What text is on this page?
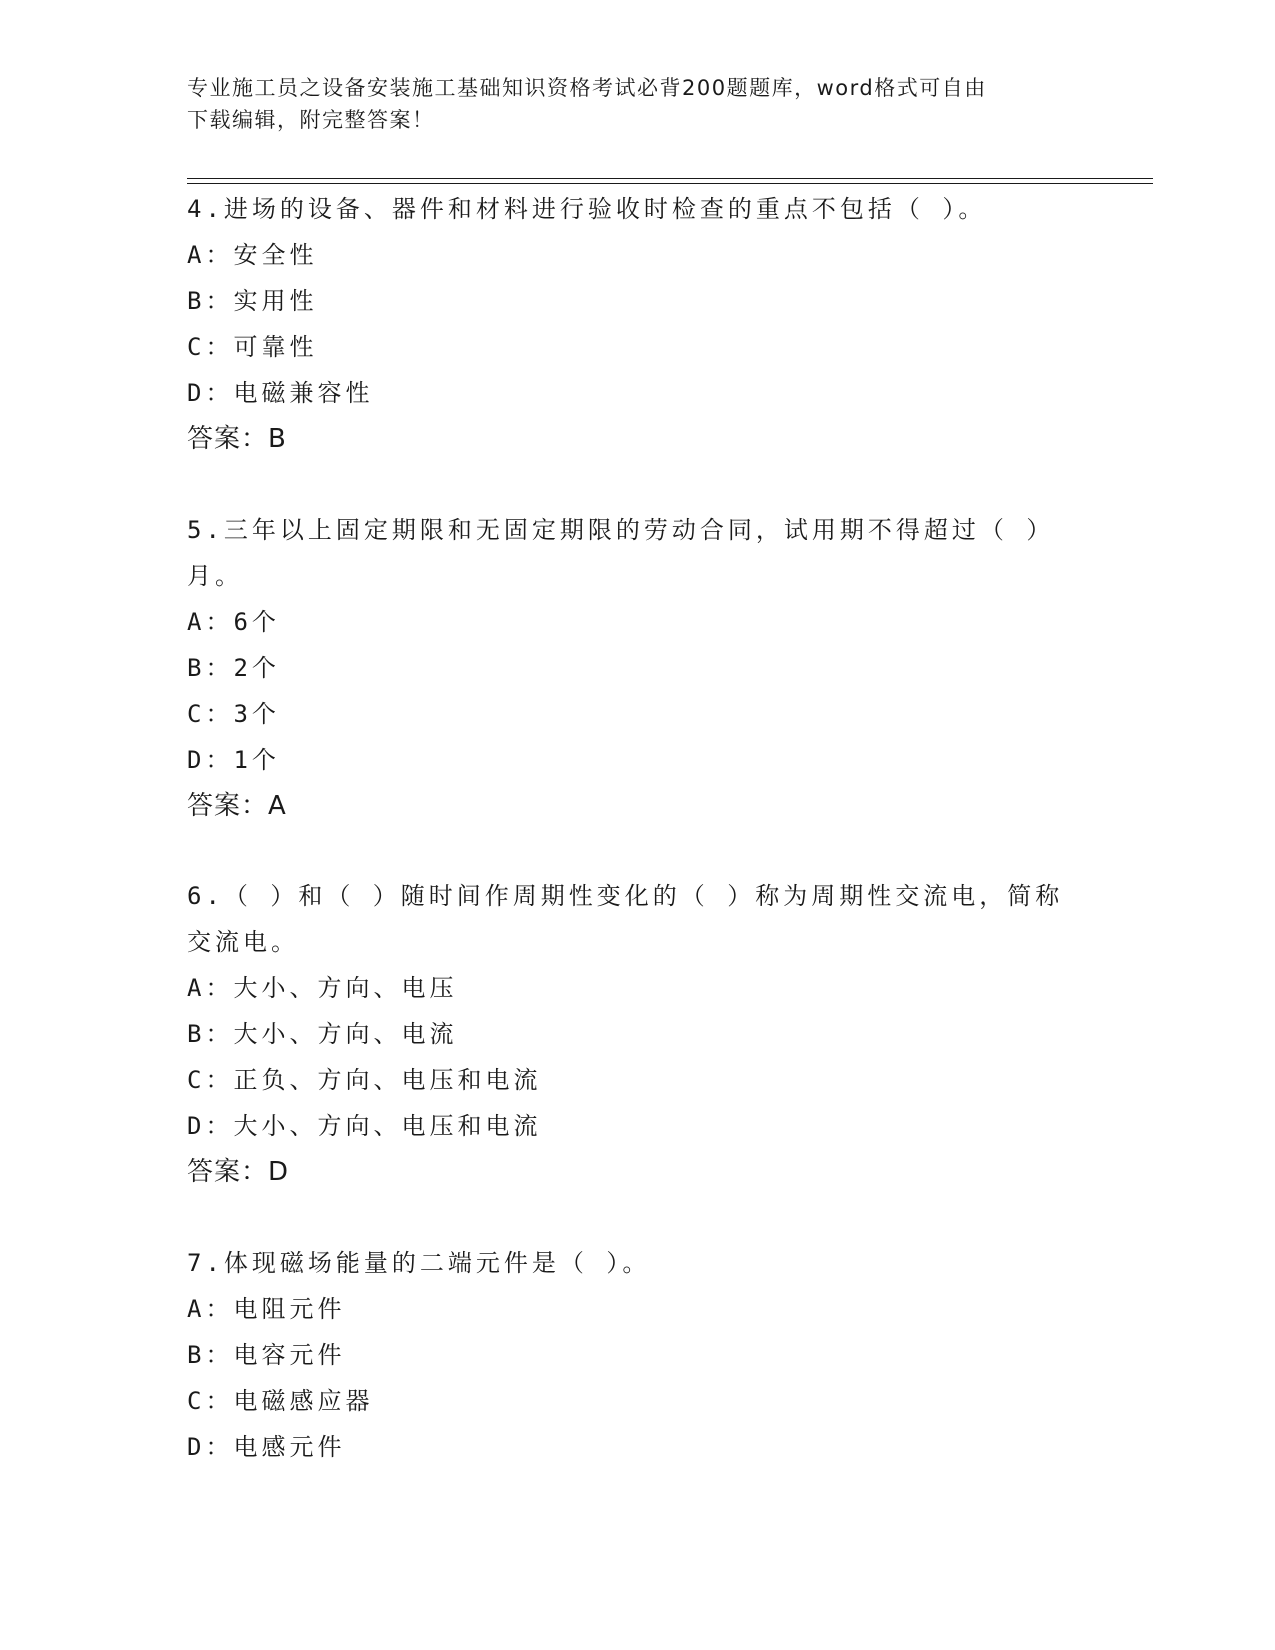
专业施工员之设备安装施工基础知识资格考试必背200题题库，word格式可自由
下载编辑，附完整答案！
4.进场的设备、器件和材料进行验收时检查的重点不包括（ ）。
A：安全性
B：实用性
C：可靠性
D：电磁兼容性
答案：B
5.三年以上固定期限和无固定期限的劳动合同，试用期不得超过（ ）
月。
A：6个
B：2个
C：3个
D：1个
答案：A
6.（ ）和（ ）随时间作周期性变化的（ ）称为周期性交流电，简称
交流电。
A：大小、方向、电压
B：大小、方向、电流
C：正负、方向、电压和电流
D：大小、方向、电压和电流
答案：D
7.体现磁场能量的二端元件是（ ）。
A：电阻元件
B：电容元件
C：电磁感应器
D：电感元件
